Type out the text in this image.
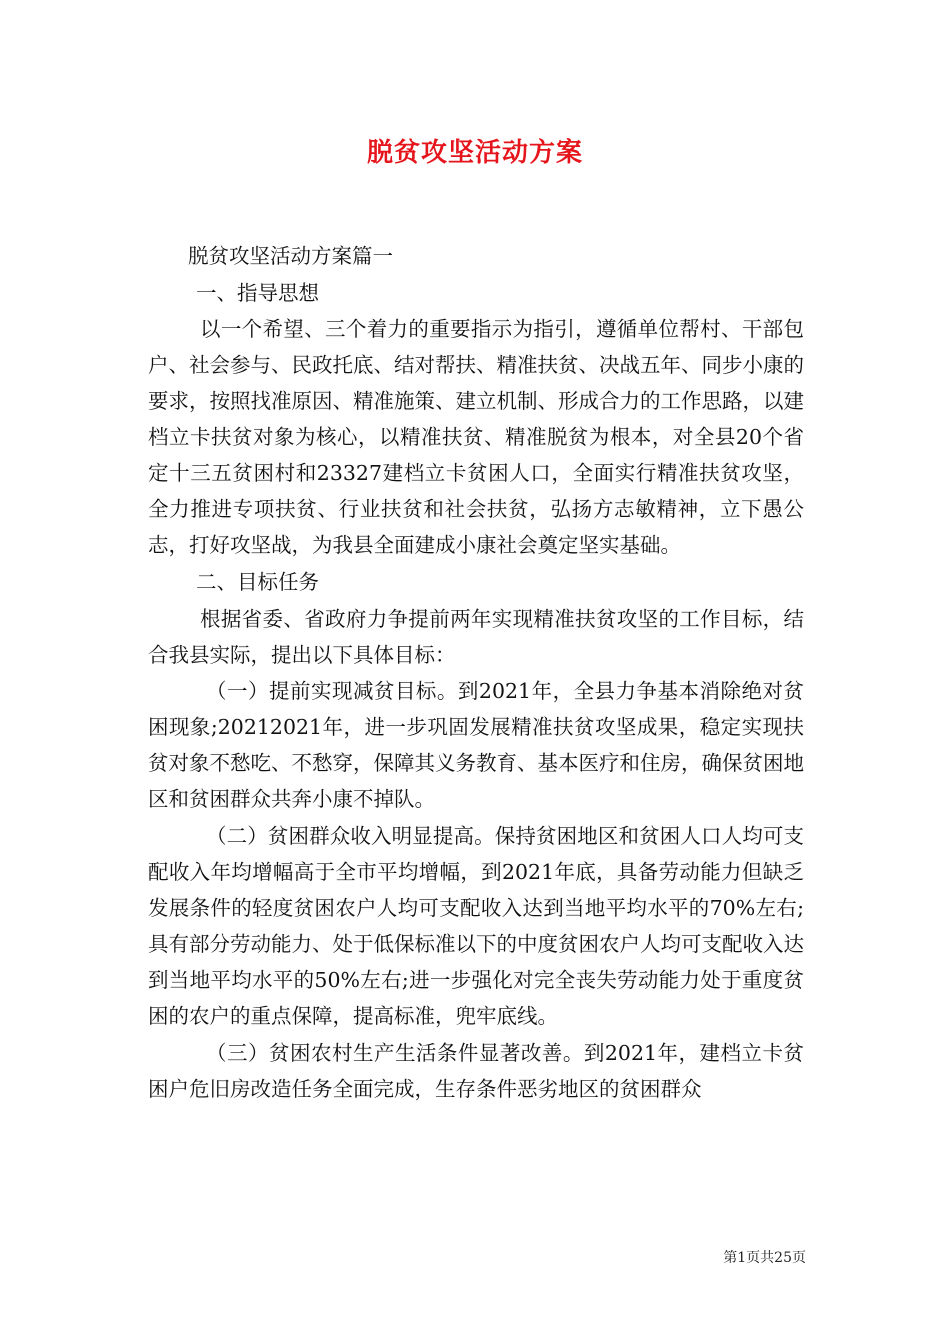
脱贫攻坚活动方案

脱贫攻坚活动方案篇一

一、指导思想

以一个希望、三个着力的重要指示为指引，遵循单位帮村、干部包户、社会参与、民政托底、结对帮扶、精准扶贫、决战五年、同步小康的要求，按照找准原因、精准施策、建立机制、形成合力的工作思路，以建档立卡扶贫对象为核心，以精准扶贫、精准脱贫为根本，对全县20个省定十三五贫困村和23327建档立卡贫困人口，全面实行精准扶贫攻坚，全力推进专项扶贫、行业扶贫和社会扶贫，弘扬方志敏精神，立下愚公志，打好攻坚战，为我县全面建成小康社会奠定坚实基础。

二、目标任务

根据省委、省政府力争提前两年实现精准扶贫攻坚的工作目标，结合我县实际，提出以下具体目标：

（一）提前实现减贫目标。到2021年，全县力争基本消除绝对贫困现象;20212021年，进一步巩固发展精准扶贫攻坚成果，稳定实现扶贫对象不愁吃、不愁穿，保障其义务教育、基本医疗和住房，确保贫困地区和贫困群众共奔小康不掉队。

（二）贫困群众收入明显提高。保持贫困地区和贫困人口人均可支配收入年均增幅高于全市平均增幅，到2021年底，具备劳动能力但缺乏发展条件的轻度贫困农户人均可支配收入达到当地平均水平的70%左右;具有部分劳动能力、处于低保标准以下的中度贫困农户人均可支配收入达到当地平均水平的50%左右;进一步强化对完全丧失劳动能力处于重度贫困的农户的重点保障，提高标准，兜牢底线。

（三）贫困农村生产生活条件显著改善。到2021年，建档立卡贫困户危旧房改造任务全面完成，生存条件恶劣地区的贫困群众

第1页共25页
